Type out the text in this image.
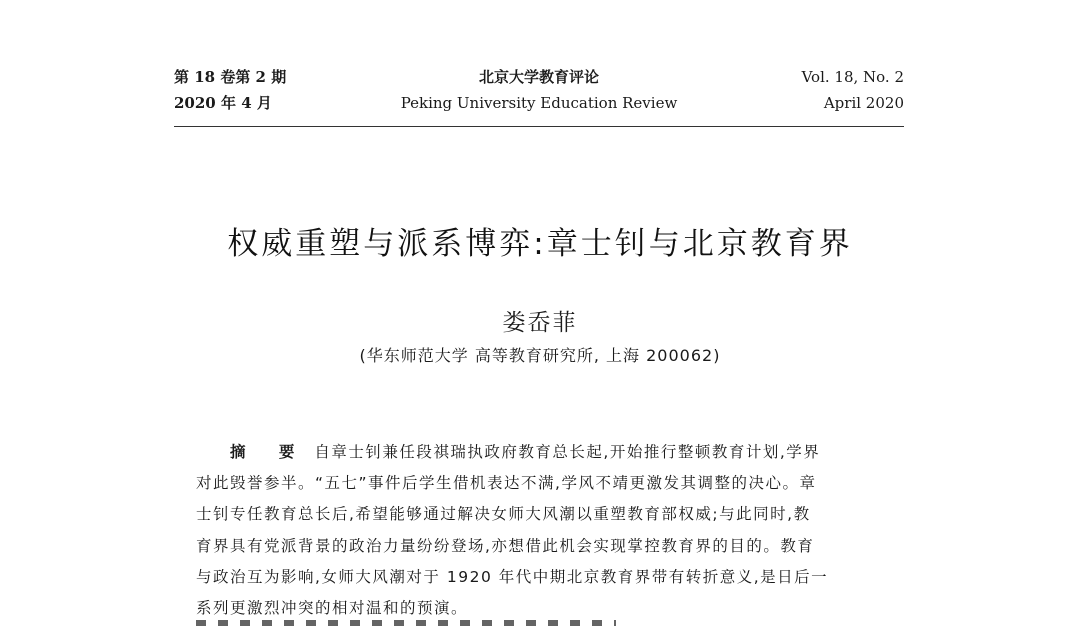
第 18 卷第 2 期
2020 年 4 月
北京大学教育评论
Peking University Education Review
Vol. 18, No. 2
April 2020
权威重塑与派系博弈:章士钊与北京教育界
娄岙菲
(华东师范大学 高等教育研究所, 上海 200062)
摘 要 自章士钊兼任段祺瑞执政府教育总长起,开始推行整顿教育计划,学界
对此毁誉参半。“五七”事件后学生借机表达不满,学风不靖更激发其调整的决心。章
士钊专任教育总长后,希望能够通过解决女师大风潮以重塑教育部权威;与此同时,教
育界具有党派背景的政治力量纷纷登场,亦想借此机会实现掌控教育界的目的。教育
与政治互为影响,女师大风潮对于 1920 年代中期北京教育界带有转折意义,是日后一
系列更激烈冲突的相对温和的预演。
